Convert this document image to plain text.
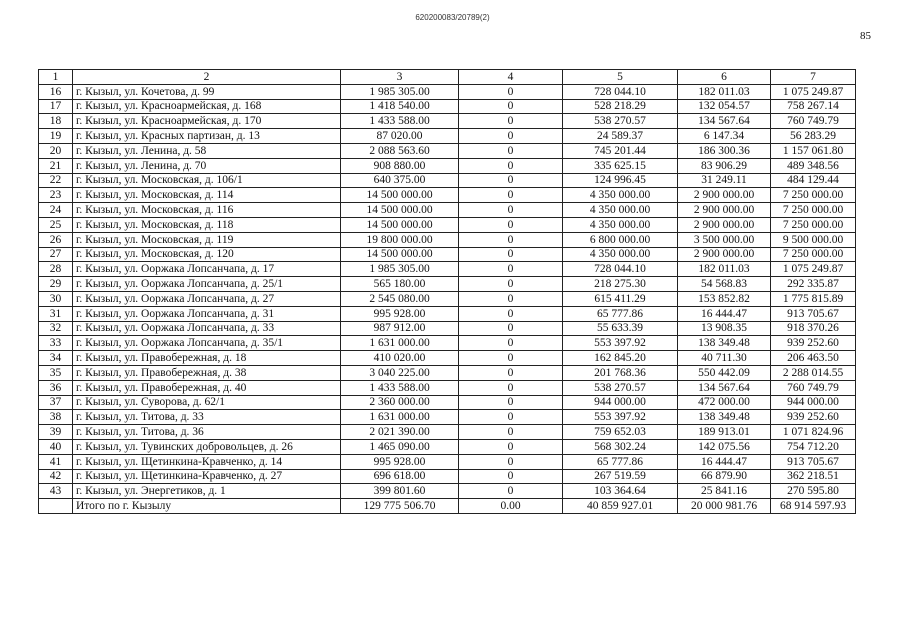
620200083/20789(2)
85
1	2	3	4	5	6	7
16	г. Кызыл, ул. Кочетова, д. 99	1 985 305.00	0	728 044.10	182 011.03	1 075 249.87
17	г. Кызыл, ул. Красноармейская, д. 168	1 418 540.00	0	528 218.29	132 054.57	758 267.14
18	г. Кызыл, ул. Красноармейская, д. 170	1 433 588.00	0	538 270.57	134 567.64	760 749.79
19	г. Кызыл, ул. Красных партизан, д. 13	87 020.00	0	24 589.37	6 147.34	56 283.29
20	г. Кызыл, ул. Ленина, д. 58	2 088 563.60	0	745 201.44	186 300.36	1 157 061.80
21	г. Кызыл, ул. Ленина, д. 70	908 880.00	0	335 625.15	83 906.29	489 348.56
22	г. Кызыл, ул. Московская, д. 106/1	640 375.00	0	124 996.45	31 249.11	484 129.44
23	г. Кызыл, ул. Московская, д. 114	14 500 000.00	0	4 350 000.00	2 900 000.00	7 250 000.00
24	г. Кызыл, ул. Московская, д. 116	14 500 000.00	0	4 350 000.00	2 900 000.00	7 250 000.00
25	г. Кызыл, ул. Московская, д. 118	14 500 000.00	0	4 350 000.00	2 900 000.00	7 250 000.00
26	г. Кызыл, ул. Московская, д. 119	19 800 000.00	0	6 800 000.00	3 500 000.00	9 500 000.00
27	г. Кызыл, ул. Московская, д. 120	14 500 000.00	0	4 350 000.00	2 900 000.00	7 250 000.00
28	г. Кызыл, ул. Ооржака Лопсанчапа, д. 17	1 985 305.00	0	728 044.10	182 011.03	1 075 249.87
29	г. Кызыл, ул. Ооржака Лопсанчапа, д. 25/1	565 180.00	0	218 275.30	54 568.83	292 335.87
30	г. Кызыл, ул. Ооржака Лопсанчапа, д. 27	2 545 080.00	0	615 411.29	153 852.82	1 775 815.89
31	г. Кызыл, ул. Ооржака Лопсанчапа, д. 31	995 928.00	0	65 777.86	16 444.47	913 705.67
32	г. Кызыл, ул. Ооржака Лопсанчапа, д. 33	987 912.00	0	55 633.39	13 908.35	918 370.26
33	г. Кызыл, ул. Ооржака Лопсанчапа, д. 35/1	1 631 000.00	0	553 397.92	138 349.48	939 252.60
34	г. Кызыл, ул. Правобережная, д. 18	410 020.00	0	162 845.20	40 711.30	206 463.50
35	г. Кызыл, ул. Правобережная, д. 38	3 040 225.00	0	201 768.36	550 442.09	2 288 014.55
36	г. Кызыл, ул. Правобережная, д. 40	1 433 588.00	0	538 270.57	134 567.64	760 749.79
37	г. Кызыл, ул. Суворова, д. 62/1	2 360 000.00	0	944 000.00	472 000.00	944 000.00
38	г. Кызыл, ул. Титова, д. 33	1 631 000.00	0	553 397.92	138 349.48	939 252.60
39	г. Кызыл, ул. Титова, д. 36	2 021 390.00	0	759 652.03	189 913.01	1 071 824.96
40	г. Кызыл, ул. Тувинских добровольцев, д. 26	1 465 090.00	0	568 302.24	142 075.56	754 712.20
41	г. Кызыл, ул. Щетинкина-Кравченко, д. 14	995 928.00	0	65 777.86	16 444.47	913 705.67
42	г. Кызыл, ул. Щетинкина-Кравченко, д. 27	696 618.00	0	267 519.59	66 879.90	362 218.51
43	г. Кызыл, ул. Энергетиков, д. 1	399 801.60	0	103 364.64	25 841.16	270 595.80
	Итого по г. Кызылу	129 775 506.70	0.00	40 859 927.01	20 000 981.76	68 914 597.93
